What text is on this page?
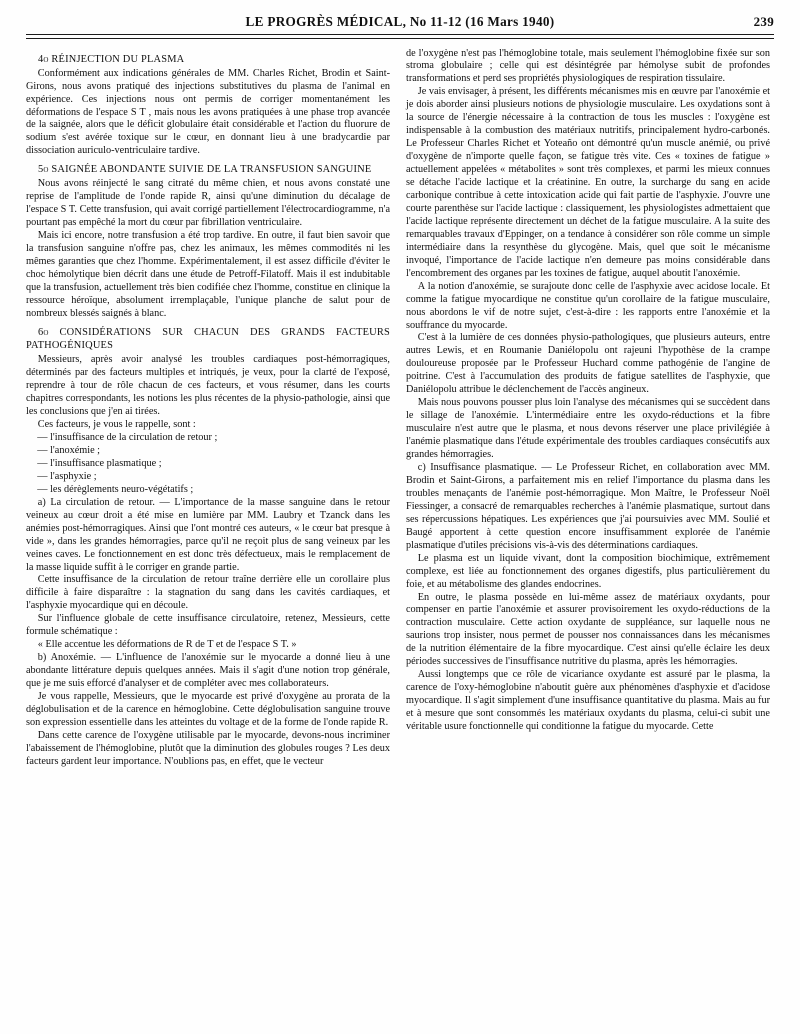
LE PROGRÈS MÉDICAL, No 11-12 (16 Mars 1940)	239
4o RÉINJECTION DU PLASMA

Conformément aux indications générales de MM. Charles Richet, Brodin et Saint-Girons, nous avons pratiqué des injections substitutives du plasma de l'animal en expérience. Ces injections nous ont permis de corriger momentanément les déformations de l'espace S T , mais nous les avons pratiquées à une phase trop avancée de la saignée, alors que le déficit globulaire était considérable et l'action du fluorure de sodium s'est avérée toxique sur le cœur, en donnant lieu à une bradycardie par dissociation auriculo-ventriculaire tardive.

5o SAIGNÉE ABONDANTE SUIVIE DE LA TRANSFUSION SANGUINE

Nous avons réinjecté le sang citraté du même chien, et nous avons constaté une reprise de l'amplitude de l'onde rapide R, ainsi qu'une diminution du décalage de l'espace S T. Cette transfusion, qui avait corrigé partiellement l'électrocardiogramme, n'a pourtant pas empêché la mort du cœur par fibrillation ventriculaire.

Mais ici encore, notre transfusion a été trop tardive. En outre, il faut bien savoir que la transfusion sanguine n'offre pas, chez les animaux, les mêmes commodités ni les mêmes garanties que chez l'homme. Expérimentalement, il est assez difficile d'éviter le choc hémolytique bien décrit dans une étude de Petroff-Filatoff. Mais il est indubitable que la transfusion, actuellement très bien codifiée chez l'homme, constitue en clinique la ressource héroïque, absolument irremplaçable, l'unique planche de salut pour de nombreux blessés saignés à blanc.

6o CONSIDÉRATIONS SUR CHACUN DES GRANDS FACTEURS PATHOGÉNIQUES

Messieurs, après avoir analysé les troubles cardiaques post-hémorragiques, déterminés par des facteurs multiples et intriqués, je veux, pour la clarté de l'exposé, reprendre à tour de rôle chacun de ces facteurs, et vous résumer, dans les courts chapitres correspondants, les notions les plus récentes de la physio-pathologie, ainsi que les conclusions que j'en ai tirées.

Ces facteurs, je vous le rappelle, sont :

— l'insuffisance de la circulation de retour ;
— l'anoxémie ;
— l'insuffisance plasmatique ;
— l'asphyxie ;
— les dérèglements neuro-végétatifs ;

a) La circulation de retour. — L'importance de la masse sanguine dans le retour veineux au cœur droit a été mise en lumière par MM. Laubry et Tzanck dans les anémies post-hémorragiques. Ainsi que l'ont montré ces auteurs, « le cœur bat presque à vide », dans les grandes hémorragies, parce qu'il ne reçoit plus de sang veineux par les veines caves. Le fonctionnement en est donc très défectueux, mais le remplacement de la masse liquide suffit à le corriger en grande partie.

Cette insuffisance de la circulation de retour traîne derrière elle un corollaire plus difficile à faire disparaître : la stagnation du sang dans les cavités cardiaques, et l'asphyxie myocardique qui en découle.

Sur l'influence globale de cette insuffisance circulatoire, retenez, Messieurs, cette formule schématique :

« Elle accentue les déformations de R de T et de l'espace S T. »

b) Anoxémie. — L'influence de l'anoxémie sur le myocarde a donné lieu à une abondante littérature depuis quelques années. Mais il s'agit d'une notion trop générale, que je me suis efforcé d'analyser et de compléter avec mes collaborateurs.

Je vous rappelle, Messieurs, que le myocarde est privé d'oxygène au prorata de la déglobulisation et de la carence en hémoglobine. Cette déglobulisation sanguine trouve son expression essentielle dans les atteintes du voltage et de la forme de l'onde rapide R.

Dans cette carence de l'oxygène utilisable par le myocarde, devons-nous incriminer l'abaissement de l'hémoglobine, plutôt que la diminution des globules rouges ? Les deux facteurs gardent leur importance. N'oublions pas, en effet, que le vecteur

de l'oxygène n'est pas l'hémoglobine totale, mais seulement l'hémoglobine fixée sur son stroma globulaire ; celle qui est désintégrée par hémolyse subit de profondes transformations et perd ses propriétés physiologiques de respiration tissulaire.

Je vais envisager, à présent, les différents mécanismes mis en œuvre par l'anoxémie et je dois aborder ainsi plusieurs notions de physiologie musculaire. Les oxydations sont à la source de l'énergie nécessaire à la contraction de tous les muscles : l'oxygène est indispensable à la combustion des matériaux nutritifs, principalement hydro-carbonés. Le Professeur Charles Richet et Yoteaño ont démontré qu'un muscle anémié, ou privé d'oxygène de n'importe quelle façon, se fatigue très vite. Ces « toxines de fatigue » actuellement appelées « métabolites » sont très complexes, et parmi les mieux connues se détache l'acide lactique et la créatinine. En outre, la surcharge du sang en acide carbonique contribue à cette intoxication acide qui fait partie de l'asphyxie. J'ouvre une courte parenthèse sur l'acide lactique : classiquement, les physiologistes admettaient que l'acide lactique représente directement un déchet de la fatigue musculaire. A la suite des remarquables travaux d'Eppinger, on a tendance à considérer son rôle comme un simple intermédiaire dans la resynthèse du glycogène. Mais, quel que soit le mécanisme invoqué, l'importance de l'acide lactique n'en demeure pas moins considérable dans l'encombrement des organes par les toxines de fatigue, auquel aboutit l'anoxémie.

A la notion d'anoxémie, se surajoute donc celle de l'asphyxie avec acidose locale. Et comme la fatigue myocardique ne constitue qu'un corollaire de la fatigue musculaire, nous abordons le vif de notre sujet, c'est-à-dire : les rapports entre l'anoxémie et la souffrance du myocarde.

C'est à la lumière de ces données physio-pathologiques, que plusieurs auteurs, entre autres Lewis, et en Roumanie Daniélopolu ont rajeuni l'hypothèse de la crampe douloureuse proposée par le Professeur Huchard comme pathogénie de l'angine de poitrine. C'est à l'accumulation des produits de fatigue satellites de l'asphyxie, que Daniélopolu attribue le déclenchement de l'accès angineux.

Mais nous pouvons pousser plus loin l'analyse des mécanismes qui se succèdent dans le sillage de l'anoxémie. L'intermédiaire entre les oxydo-réductions et la fibre musculaire n'est autre que le plasma, et nous devons réserver une place privilégiée à l'anémie plasmatique dans l'étude expérimentale des troubles cardiaques consécutifs aux grandes hémorragies.

c) Insuffisance plasmatique. — Le Professeur Richet, en collaboration avec MM. Brodin et Saint-Girons, a parfaitement mis en relief l'importance du plasma dans les troubles menaçants de l'anémie post-hémorragique. Mon Maître, le Professeur Noël Fiessinger, a consacré de remarquables recherches à l'anémie plasmatique, surtout dans ses répercussions hépatiques. Les expériences que j'ai poursuivies avec MM. Soulié et Baugé apportent à cette question encore insuffisamment explorée de l'anémie plasmatique d'utiles précisions vis-à-vis des déterminations cardiaques.

Le plasma est un liquide vivant, dont la composition biochimique, extrêmement complexe, est liée au fonctionnement des organes digestifs, plus particulièrement du foie, et au métabolisme des glandes endocrines.

En outre, le plasma possède en lui-même assez de matériaux oxydants, pour compenser en partie l'anoxémie et assurer provisoirement les oxydo-réductions de la contraction musculaire. Cette action oxydante de suppléance, sur laquelle nous ne saurions trop insister, nous permet de pousser nos connaissances dans les mécanismes de la nutrition élémentaire de la fibre myocardique. C'est ainsi qu'elle éclaire les deux périodes successives de l'insuffisance nutritive du plasma, après les hémorragies.

Aussi longtemps que ce rôle de vicariance oxydante est assuré par le plasma, la carence de l'oxy-hémoglobine n'aboutit guère aux phénomènes d'asphyxie et d'acidose myocardique. Il s'agit simplement d'une insuffisance quantitative du plasma. Mais au fur et à mesure que sont consommés les matériaux oxydants du plasma, celui-ci subit une véritable usure fonctionnelle qui conditionne la fatigue du myocarde. Cette
